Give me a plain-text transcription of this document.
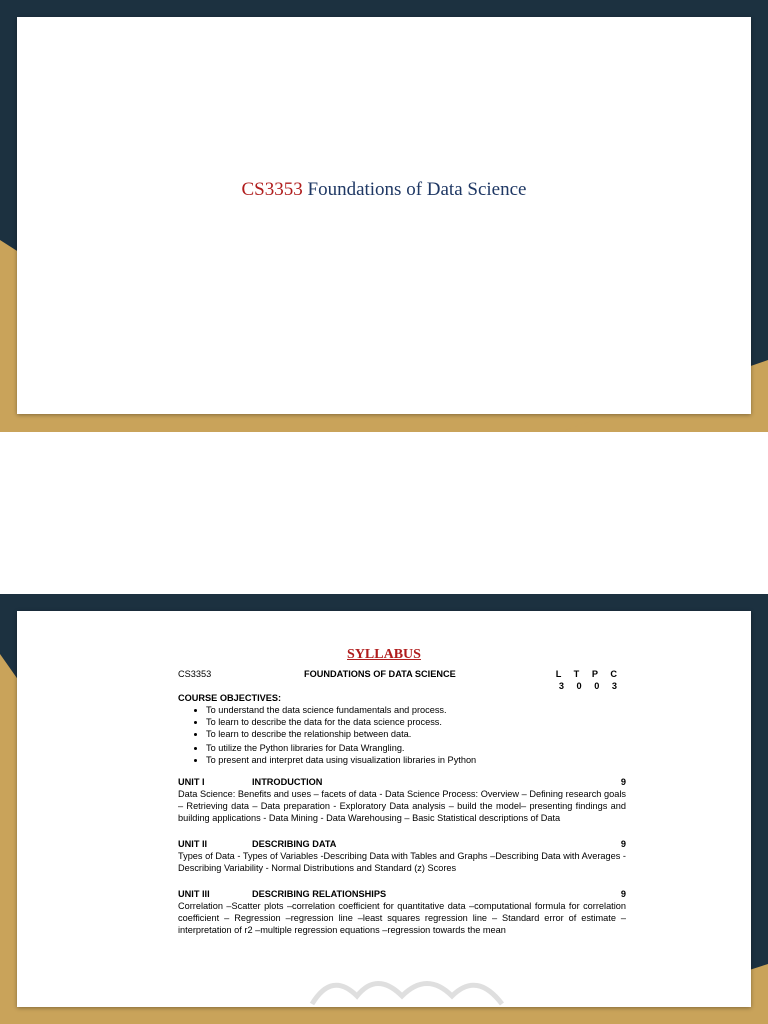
CS3353 Foundations of Data Science
SYLLABUS
CS3353	FOUNDATIONS OF DATA SCIENCE	L T P C
3 0 0 3
COURSE OBJECTIVES:
• To understand the data science fundamentals and process.
• To learn to describe the data for the data science process.
• To learn to describe the relationship between data.
• To utilize the Python libraries for Data Wrangling.
• To present and interpret data using visualization libraries in Python
UNIT I	INTRODUCTION	9
Data Science: Benefits and uses – facets of data - Data Science Process: Overview – Defining research goals – Retrieving data – Data preparation - Exploratory Data analysis – build the model– presenting findings and building applications - Data Mining - Data Warehousing – Basic Statistical descriptions of Data
UNIT II	DESCRIBING DATA	9
Types of Data - Types of Variables -Describing Data with Tables and Graphs –Describing Data with Averages - Describing Variability - Normal Distributions and Standard (z) Scores
UNIT III	DESCRIBING RELATIONSHIPS	9
Correlation –Scatter plots –correlation coefficient for quantitative data –computational formula for correlation coefficient – Regression –regression line –least squares regression line – Standard error of estimate – interpretation of r2 –multiple regression equations –regression towards the mean
